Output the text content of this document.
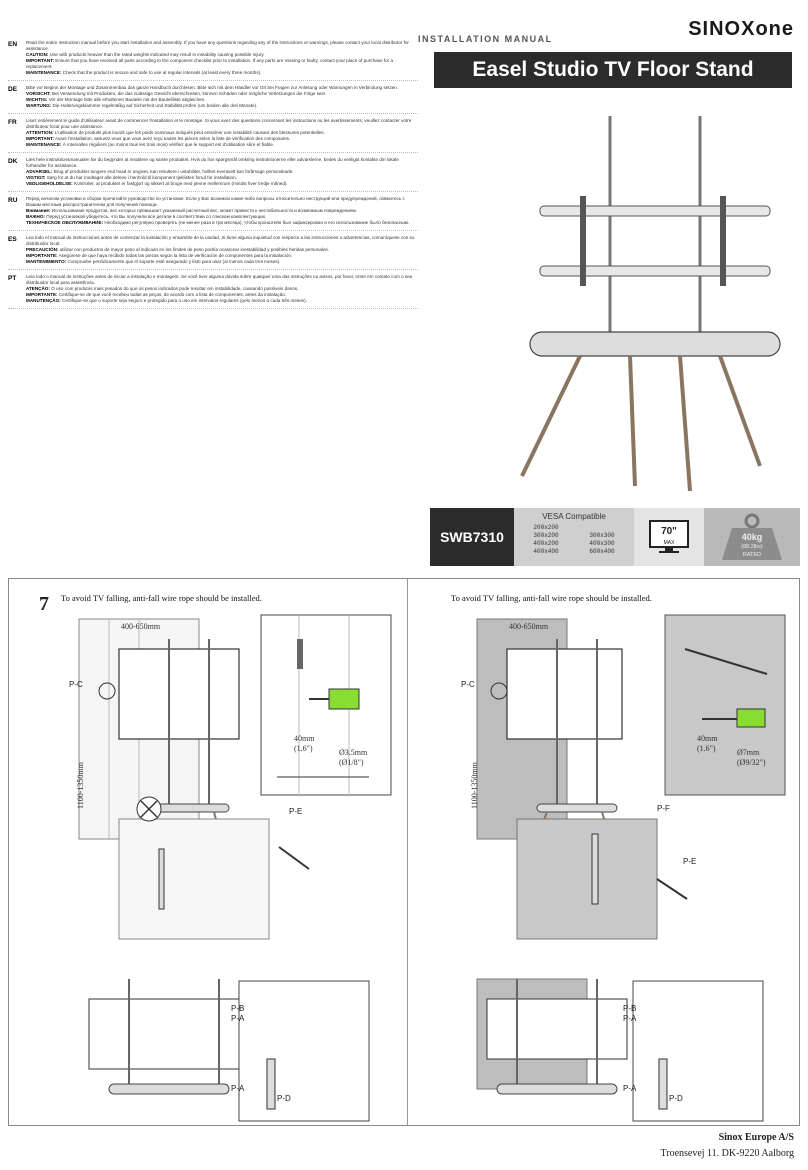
SINOXone
INSTALLATION MANUAL
Easel Studio TV Floor Stand
EN	Read the entire instruction manual before you start installation and assembly. If you have any questions regarding any of the instructions or warnings, please contact your local distributor for assistance.
CAUTION: Use with products heavier than the rated weights indicated may result in instability causing possible injury.
IMPORTANT: Ensure that you have received all parts according to the component checklist prior to installation. If any parts are missing or faulty, contact your place of purchase for a replacement.
MAINTENANCE: Check that the product is secure and safe to use at regular intervals (at least every three months).
DE	Bitte vor Beginn der Montage und Zusammenbau das ganze Handbuch durchlesen. Bitte sich mit dem Händler vor Ort bei Fragen zur Anleitung oder Warnungen in Verbindung setzen.
VORSICHT: Bei Verwendung mit Produkten, die das zulässige Gewicht überschreiten, können Schäden oder mögliche Verletzungen die Folge sein.
WICHTIG: Vor der Montage bitte alle erhaltenen Bauteile mit der Bauteilliste abgleichen.
WARTUNG: Die Halterungsklammer regelmäßig auf Sicherheit und Stabilität prüfen (um beiden alle drei Monate).
FR	Lisez entièrement le guide d'utilisateur avant de commencer l'installation et le montage. Si vous avez des questions concernant les instructions ou les avertissements, veuillez contacter votre distributeur local pour une assistance.
ATTENTION: L'utilisation de produits plus lourds que les poids nominaux indiqués peut entraîner une instabilité causant des blessures potentielles.
IMPORTANT: Avant l'installation, assurez-vous que vous avez reçu toutes les pièces selon la liste de vérification des composants.
MAINTENANCE: À intervalles réguliers (au moins tous les trois mois) vérifiez que le support est d'utilisation sûre et fiable.
DK	Læs hele instruktionsmanualen før du begynder at installere og samle produktet. Hvis du har spørgsmål omkring instruktionerne eller advarslerne, bedes du venligst kontakte din lokale forhandler for assistance.
ADVARSEL: Brug af produkter tungere end hvad er angivet, kan resultere i ustabilitet, hvilket eventuelt kan forårsage personskade.
VIGTIGT: Sørg for at du har modtaget alle delene i henhold til komponent tjeklisten forud for installation.
VEDLIGEHOLDELSE: Kontroller, at produktet er fastgjort og sikkert at bruge med jævne mellemrum (mindst hver tredje måned).
RU	Перед началом установки и сборки прочитайте руководство по установке. Если у Вас возникли какие-либо вопросы относительно инструкций или предупреждений, свяжитесь с Вашим местным распространителем для получения помощи.
Внимание: Использование продуктов, вес которых превышает указанный расчетный вес, может привести к нестабильности и возможным повреждениям.
ВАЖНО: Перед установкой убедитесь, что Вы получили все детали в соответствии со списком комплектующих.
ТЕХНИЧЕСКОЕ ОБСЛУЖИВАНИЕ: Необходимо регулярно проверять (не менее раза в три месяца), чтобы кронштейн был зафиксирован и его использование было безопасным.
ES	Lea todo el manual de instrucciones antes de comenzar la instalación y ensamble de la unidad. Si tiene alguna inquietud con respecto a las instrucciones o advertencias, comuníquese con su distribuidor local.
PRECAUCIÓN: utilizar con productos de mayor peso al indicado en los límites de peso podría ocasionar inestabilidad y posibles heridas personales.
IMPORTANTE: Asegúrese de que haya recibido todas las piezas según la lista de verificación de componentes para la instalación.
MANTENIMIENTO: Compruebe periódicamente que el soporte esté asegurado y listo para usar (al menos cada tres meses).
PT	Leia todo o manual de instruções antes de iniciar a instalação e montagem. Se você tiver alguma dúvida sobre qualquer uma das instruções ou avisos, por favor, entre em contato com o seu distribuidor local para assistência.
ATENÇÃO: O uso com produtos mais pesados do que os pesos indicados pode resultar em instabilidade, causando possíveis danos.
IMPORTANTE: Certifique-se de que você recebeu todas as peças, de acordo com a lista de componentes, antes da instalação.
MANUTENÇÃO: Certifique-se que o suporte seja seguro e protegido para o uso em intervalos regulares (pelo menos a cada três meses).
SWB7310
VESA Compatible
200x200
300x200	300x300
400x200	400x300
400x400	600x400
70"
MAX
40kg
(88.2lbs)
RATED
7 To avoid TV falling, anti-fall wire rope should be installed.	To avoid TV falling, anti-fall wire rope should be installed.
400-650mm
1100-1350mm
P-C
40mm
(1.6")	Ø3.5mm
(Ø1/8")
P-E
P-B
P-A
P-A
P-D
400-650mm
1100-1350mm
P-C
40mm
(1.6")	Ø7mm
(Ø9/32")
P-F
P-E
P-B
P-A
P-A
P-D
Sinox Europe A/S
Troensevej 11. DK-9220 Aalborg
